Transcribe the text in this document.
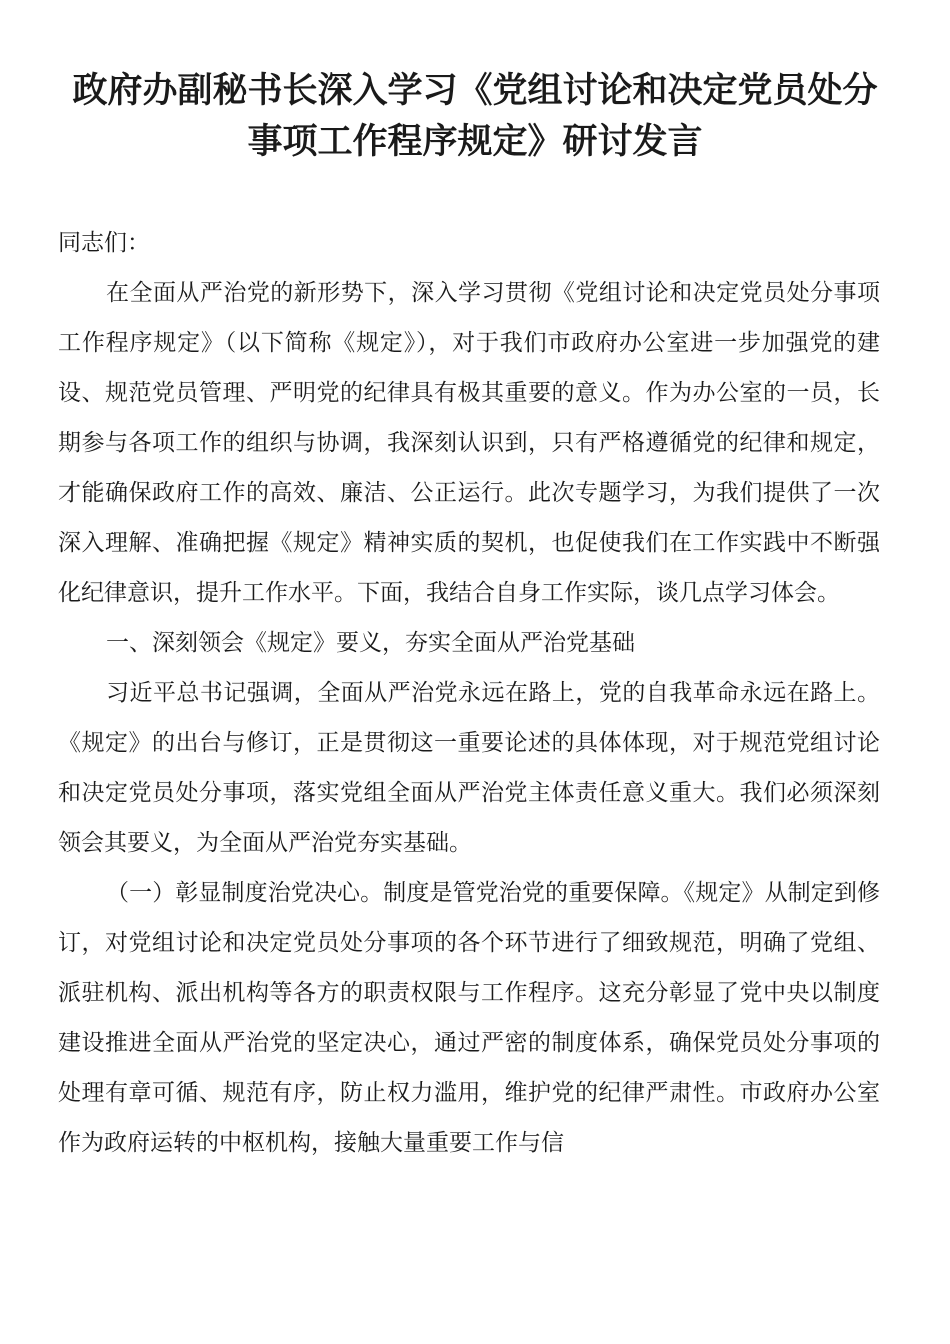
政府办副秘书长深入学习《党组讨论和决定党员处分
事项工作程序规定》研讨发言

同志们：

在全面从严治党的新形势下，深入学习贯彻《党组讨论和决定党员处分事项工作程序规定》（以下简称《规定》），对于我们市政府办公室进一步加强党的建设、规范党员管理、严明党的纪律具有极其重要的意义。作为办公室的一员，长期参与各项工作的组织与协调，我深刻认识到，只有严格遵循党的纪律和规定，才能确保政府工作的高效、廉洁、公正运行。此次专题学习，为我们提供了一次深入理解、准确把握《规定》精神实质的契机，也促使我们在工作实践中不断强化纪律意识，提升工作水平。下面，我结合自身工作实际，谈几点学习体会。

一、深刻领会《规定》要义，夯实全面从严治党基础

习近平总书记强调，全面从严治党永远在路上，党的自我革命永远在路上。《规定》的出台与修订，正是贯彻这一重要论述的具体体现，对于规范党组讨论和决定党员处分事项，落实党组全面从严治党主体责任意义重大。我们必须深刻领会其要义，为全面从严治党夯实基础。

（一）彰显制度治党决心。制度是管党治党的重要保障。《规定》从制定到修订，对党组讨论和决定党员处分事项的各个环节进行了细致规范，明确了党组、派驻机构、派出机构等各方的职责权限与工作程序。这充分彰显了党中央以制度建设推进全面从严治党的坚定决心，通过严密的制度体系，确保党员处分事项的处理有章可循、规范有序，防止权力滥用，维护党的纪律严肃性。市政府办公室作为政府运转的中枢机构，接触大量重要工作与信
